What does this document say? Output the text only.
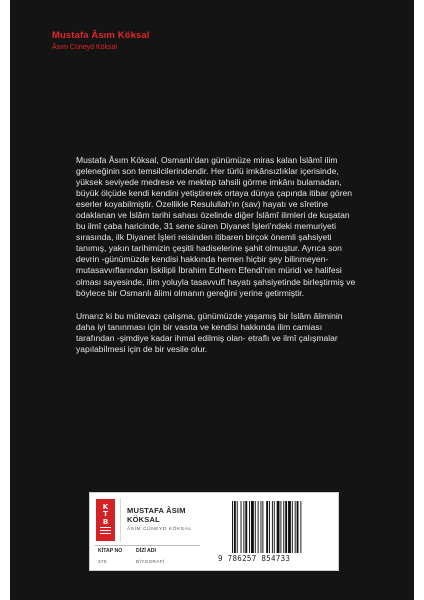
Mustafa Âsım Köksal
Âsım Cüneyd Köksal

Mustafa Âsım Köksal, Osmanlı'dan günümüze miras kalan İslâmî ilim geleneğinin son temsilcilerindendir. Her türlü imkânsızlıklar içerisinde, yüksek seviyede medrese ve mektep tahsili görme imkânı bulamadan, büyük ölçüde kendi kendini yetiştirerek ortaya dünya çapında itibar gören eserler koyabilmiştir. Özellikle Resulullah'ın (sav) hayatı ve sîretine odaklanan ve İslâm tarihi sahası özelinde diğer İslâmî ilimleri de kuşatan bu ilmî çaba haricinde, 31 sene süren Diyanet İşleri'ndeki memuriyeti sırasında, ilk Diyanet İşleri reisinden itibaren birçok önemli şahsiyeti tanımış, yakın tarihimizin çeşitli hadiselerine şahit olmuştur. Ayrıca son devrin -günümüzde kendisi hakkında hemen hiçbir şey bilinmeyen- mutasavvıflarından İskilipli İbrahim Edhem Efendi'nin müridi ve halifesi olması sayesinde, ilim yoluyla tasavvufî hayatı şahsiyetinde birleştirmiş ve böylece bir Osmanlı âlimi olmanın gereğini yerine getirmiştir.

Umarız ki bu mütevazı çalışma, günümüzde yaşamış bir İslâm âliminin daha iyi tanınması için bir vasıta ve kendisi hakkında ilim camiası tarafından -şimdiye kadar ihmal edilmiş olan- etraflı ve ilmî çalışmalar yapılabilmesi için de bir vesile olur.

K
T
B
MUSTAFA ÂSIM
KÖKSAL
ÂSIM CÜNEYD KÖKSAL
KİTAP NO	DİZİ ADI
379	BİYOGRAFİ	9 786257 854733
